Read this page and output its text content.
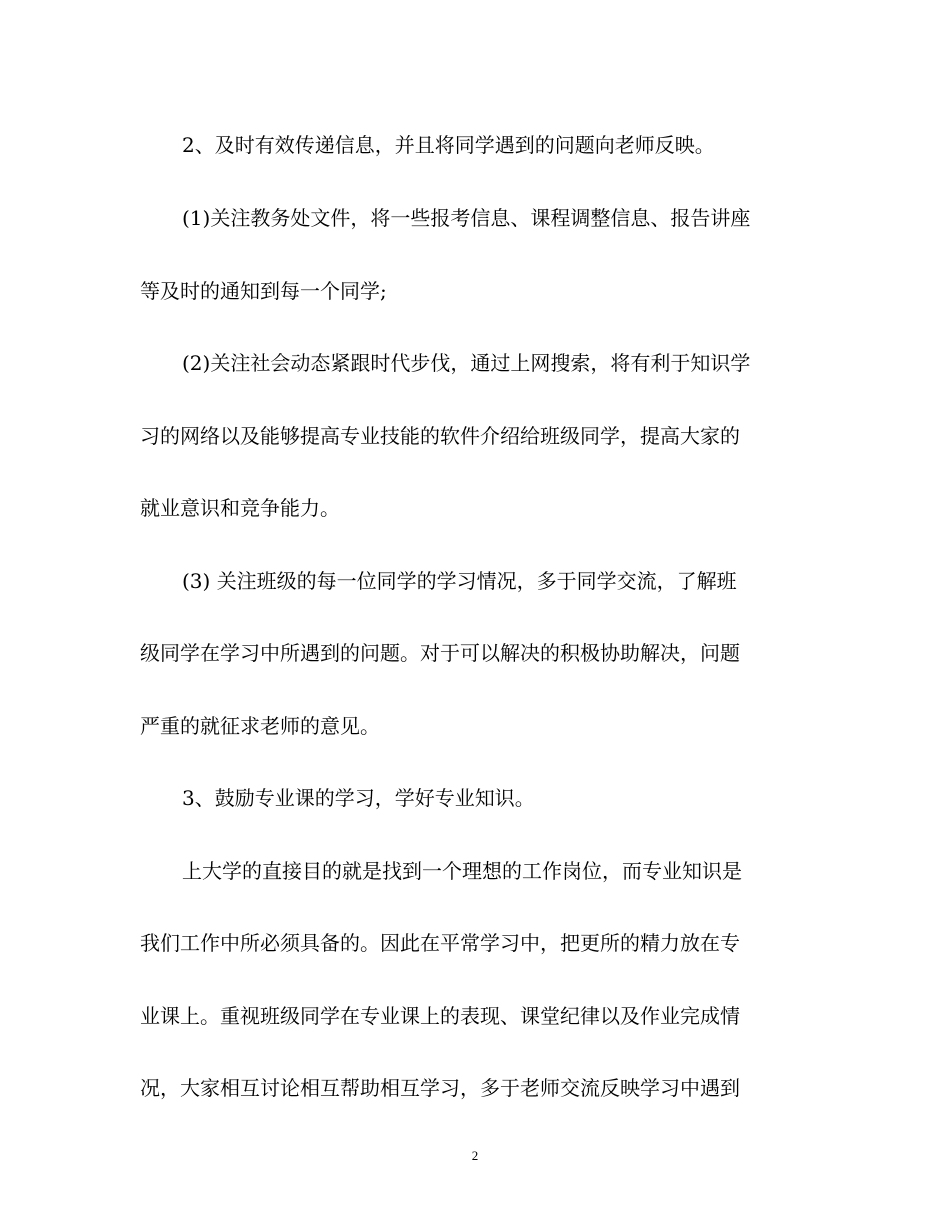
2、及时有效传递信息，并且将同学遇到的问题向老师反映。
(1)关注教务处文件，将一些报考信息、课程调整信息、报告讲座
等及时的通知到每一个同学;
(2)关注社会动态紧跟时代步伐，通过上网搜索，将有利于知识学
习的网络以及能够提高专业技能的软件介绍给班级同学，提高大家的
就业意识和竞争能力。
(3) 关注班级的每一位同学的学习情况，多于同学交流，了解班
级同学在学习中所遇到的问题。对于可以解决的积极协助解决，问题
严重的就征求老师的意见。
3、鼓励专业课的学习，学好专业知识。
上大学的直接目的就是找到一个理想的工作岗位，而专业知识是
我们工作中所必须具备的。因此在平常学习中，把更所的精力放在专
业课上。重视班级同学在专业课上的表现、课堂纪律以及作业完成情
况，大家相互讨论相互帮助相互学习，多于老师交流反映学习中遇到
2
